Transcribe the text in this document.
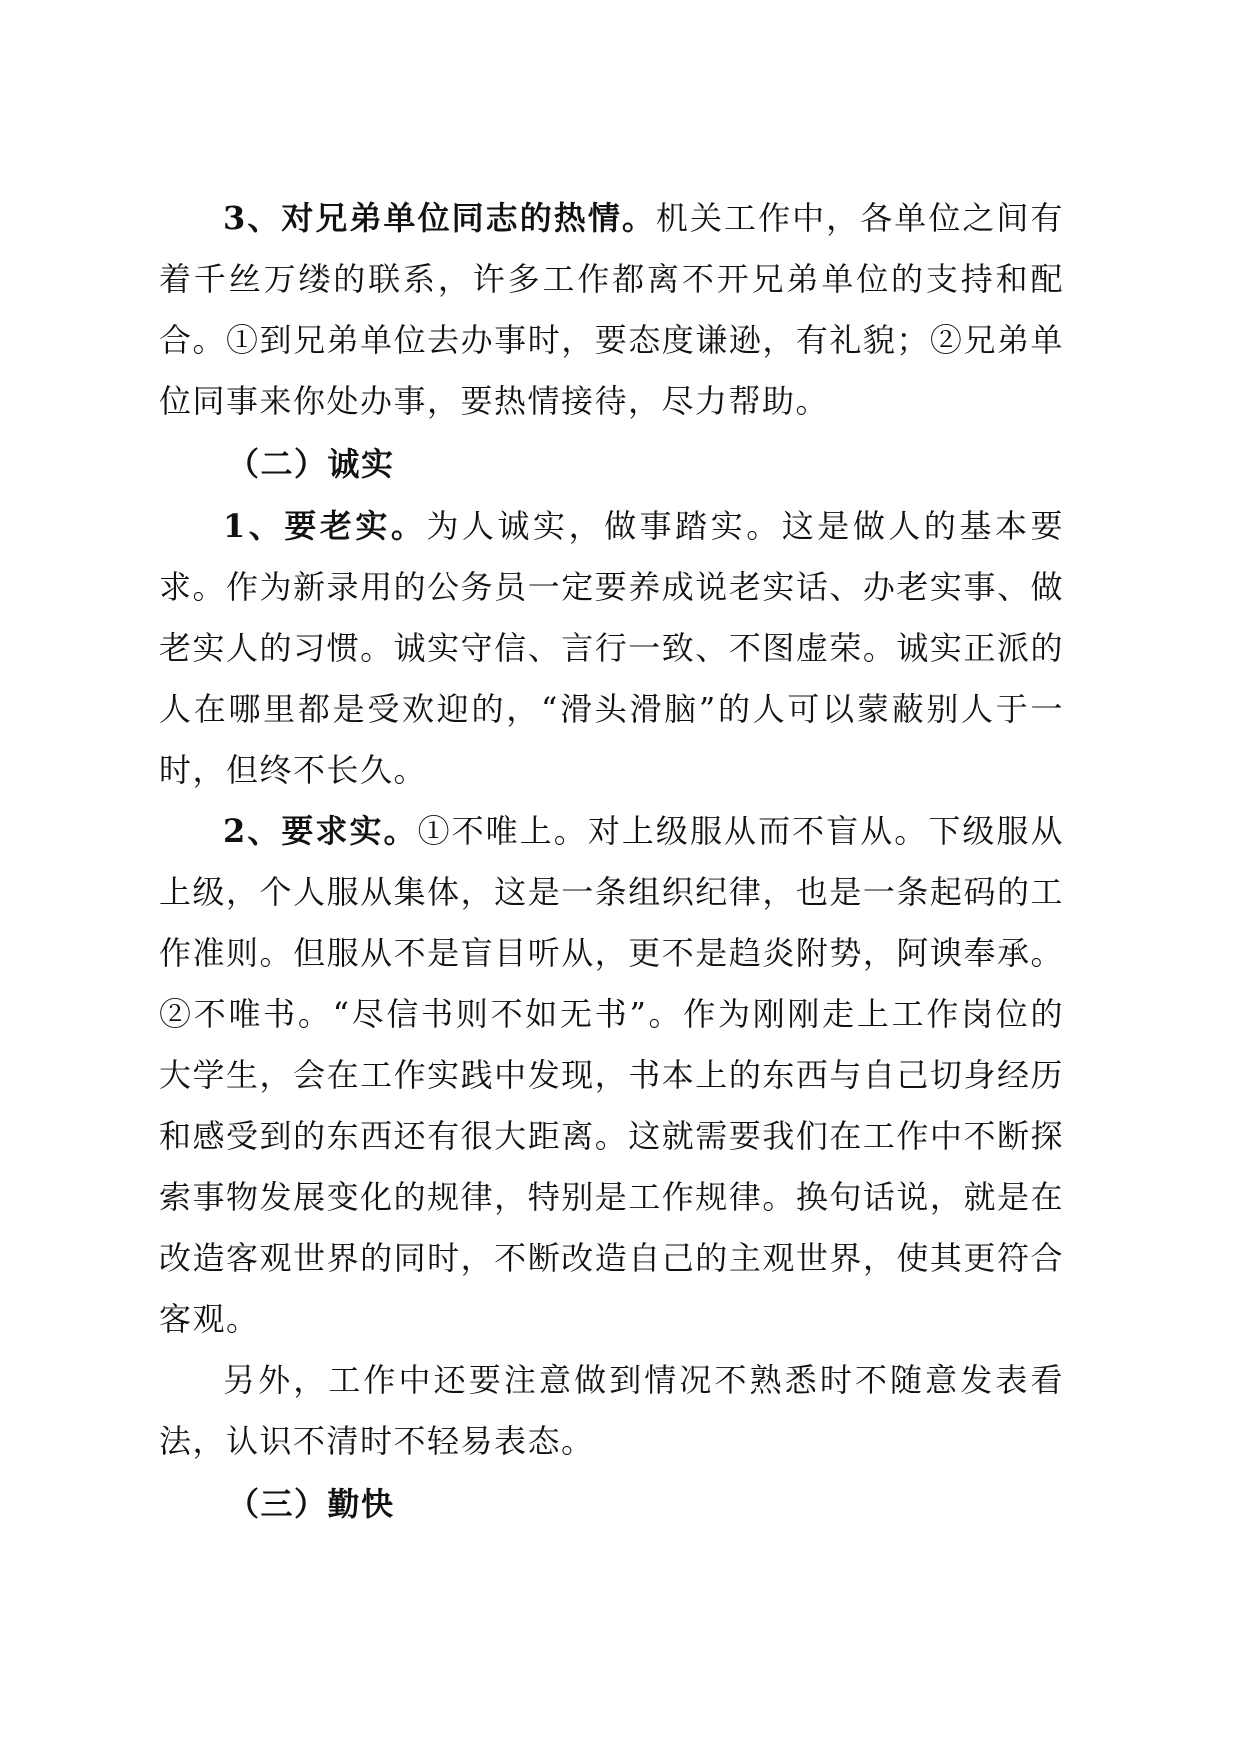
3、对兄弟单位同志的热情。机关工作中，各单位之间有着千丝万缕的联系，许多工作都离不开兄弟单位的支持和配合。①到兄弟单位去办事时，要态度谦逊，有礼貌；②兄弟单位同事来你处办事，要热情接待，尽力帮助。

（二）诚实

1、要老实。为人诚实，做事踏实。这是做人的基本要求。作为新录用的公务员一定要养成说老实话、办老实事、做老实人的习惯。诚实守信、言行一致、不图虚荣。诚实正派的人在哪里都是受欢迎的，“滑头滑脑”的人可以蒙蔽别人于一时，但终不长久。

2、要求实。①不唯上。对上级服从而不盲从。下级服从上级，个人服从集体，这是一条组织纪律，也是一条起码的工作准则。但服从不是盲目听从，更不是趋炎附势，阿谀奉承。②不唯书。“尽信书则不如无书”。作为刚刚走上工作岗位的大学生，会在工作实践中发现，书本上的东西与自己切身经历和感受到的东西还有很大距离。这就需要我们在工作中不断探索事物发展变化的规律，特别是工作规律。换句话说，就是在改造客观世界的同时，不断改造自己的主观世界，使其更符合客观。

另外，工作中还要注意做到情况不熟悉时不随意发表看法，认识不清时不轻易表态。

（三）勤快
